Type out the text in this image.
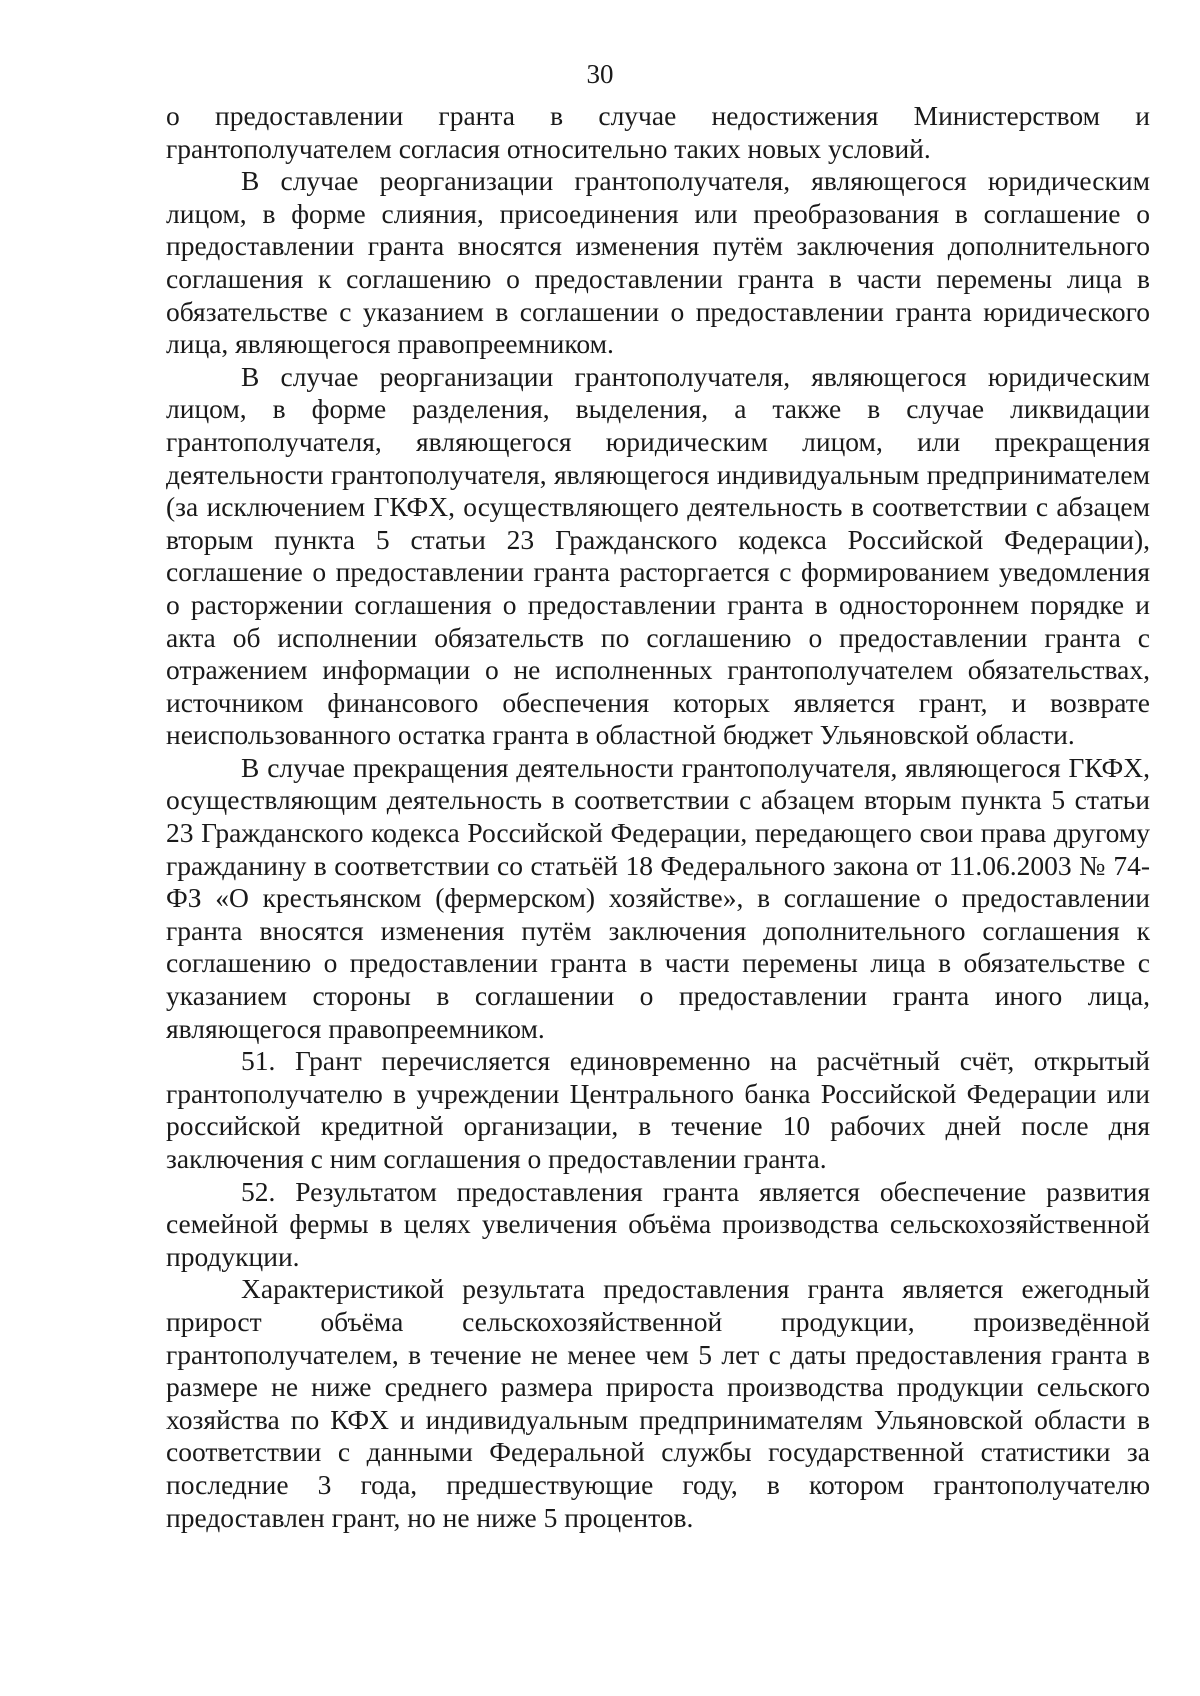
30

о предоставлении гранта в случае недостижения Министерством и грантополучателем согласия относительно таких новых условий.

В случае реорганизации грантополучателя, являющегося юридическим лицом, в форме слияния, присоединения или преобразования в соглашение о предоставлении гранта вносятся изменения путём заключения дополнительного соглашения к соглашению о предоставлении гранта в части перемены лица в обязательстве с указанием в соглашении о предоставлении гранта юридического лица, являющегося правопреемником.

В случае реорганизации грантополучателя, являющегося юридическим лицом, в форме разделения, выделения, а также в случае ликвидации грантополучателя, являющегося юридическим лицом, или прекращения деятельности грантополучателя, являющегося индивидуальным предпринимателем (за исключением ГКФХ, осуществляющего деятельность в соответствии с абзацем вторым пункта 5 статьи 23 Гражданского кодекса Российской Федерации), соглашение о предоставлении гранта расторгается с формированием уведомления о расторжении соглашения о предоставлении гранта в одностороннем порядке и акта об исполнении обязательств по соглашению о предоставлении гранта с отражением информации о не исполненных грантополучателем обязательствах, источником финансового обеспечения которых является грант, и возврате неиспользованного остатка гранта в областной бюджет Ульяновской области.

В случае прекращения деятельности грантополучателя, являющегося ГКФХ, осуществляющим деятельность в соответствии с абзацем вторым пункта 5 статьи 23 Гражданского кодекса Российской Федерации, передающего свои права другому гражданину в соответствии со статьёй 18 Федерального закона от 11.06.2003 № 74-ФЗ «О крестьянском (фермерском) хозяйстве», в соглашение о предоставлении гранта вносятся изменения путём заключения дополнительного соглашения к соглашению о предоставлении гранта в части перемены лица в обязательстве с указанием стороны в соглашении о предоставлении гранта иного лица, являющегося правопреемником.

51. Грант перечисляется единовременно на расчётный счёт, открытый грантополучателю в учреждении Центрального банка Российской Федерации или российской кредитной организации, в течение 10 рабочих дней после дня заключения с ним соглашения о предоставлении гранта.

52. Результатом предоставления гранта является обеспечение развития семейной фермы в целях увеличения объёма производства сельскохозяйственной продукции.

Характеристикой результата предоставления гранта является ежегодный прирост объёма сельскохозяйственной продукции, произведённой грантополучателем, в течение не менее чем 5 лет с даты предоставления гранта в размере не ниже среднего размера прироста производства продукции сельского хозяйства по КФХ и индивидуальным предпринимателям Ульяновской области в соответствии с данными Федеральной службы государственной статистики за последние 3 года, предшествующие году, в котором грантополучателю предоставлен грант, но не ниже 5 процентов.
